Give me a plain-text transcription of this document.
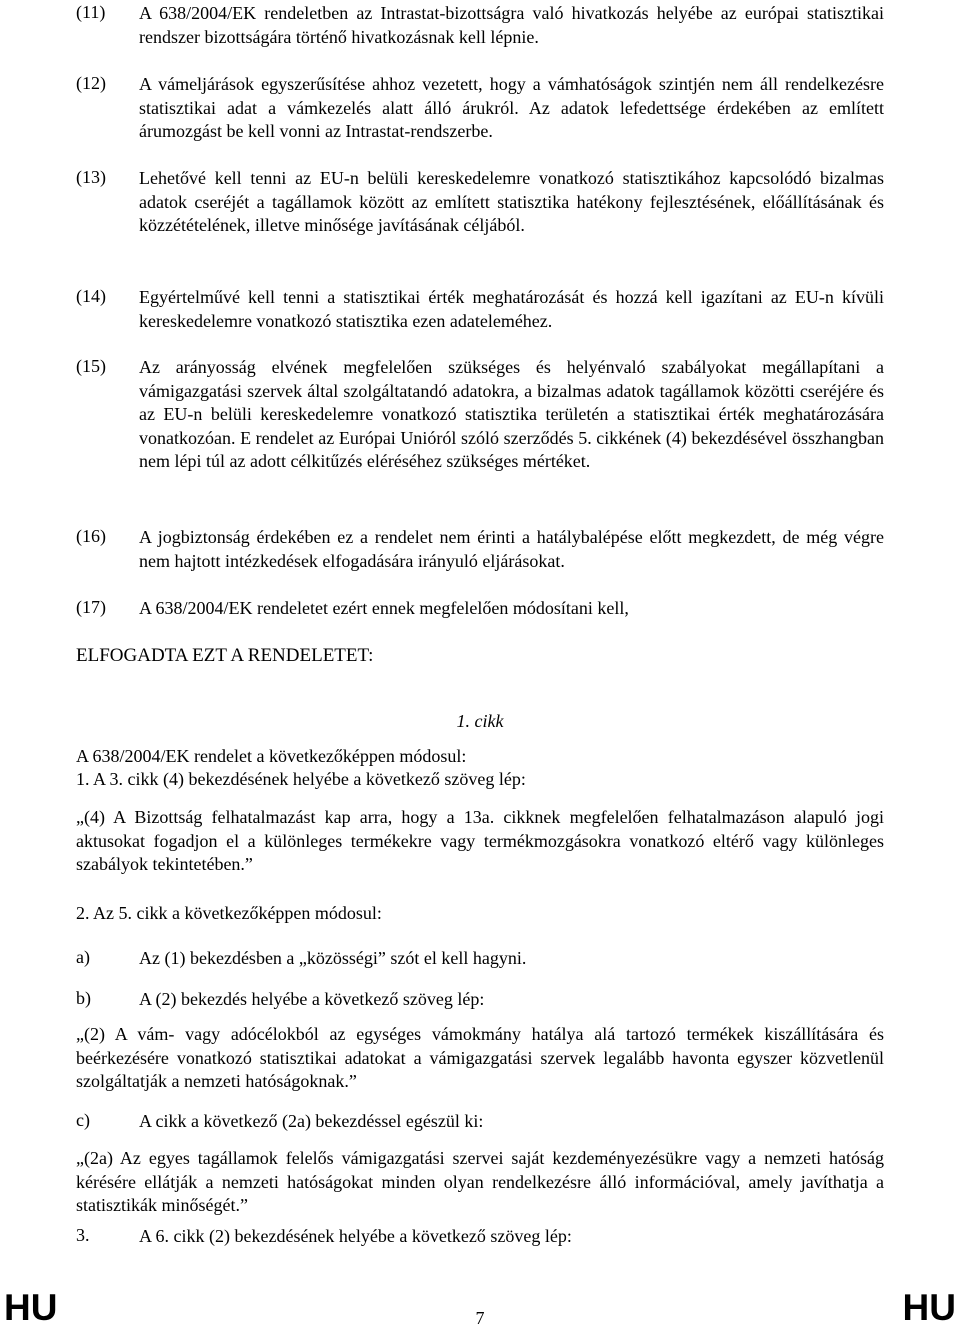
(11) A 638/2004/EK rendeletben az Intrastat-bizottságra való hivatkozás helyébe az európai statisztikai rendszer bizottságára történő hivatkozásnak kell lépnie.
(12) A vámeljárások egyszerűsítése ahhoz vezetett, hogy a vámhatóságok szintjén nem áll rendelkezésre statisztikai adat a vámkezelés alatt álló árukról. Az adatok lefedettsége érdekében az említett árumozgást be kell vonni az Intrastat-rendszerbe.
(13) Lehetővé kell tenni az EU-n belüli kereskedelemre vonatkozó statisztikához kapcsolódó bizalmas adatok cseréjét a tagállamok között az említett statisztika hatékony fejlesztésének, előállításának és közzétételének, illetve minősége javításának céljából.
(14) Egyértelművé kell tenni a statisztikai érték meghatározását és hozzá kell igazítani az EU-n kívüli kereskedelemre vonatkozó statisztika ezen adateleméhez.
(15) Az arányosság elvének megfelelően szükséges és helyénvaló szabályokat megállapítani a vámigazgatási szervek által szolgáltatandó adatokra, a bizalmas adatok tagállamok közötti cseréjére és az EU-n belüli kereskedelemre vonatkozó statisztika területén a statisztikai érték meghatározására vonatkozóan. E rendelet az Európai Unióról szóló szerződés 5. cikkének (4) bekezdésével összhangban nem lépi túl az adott célkitűzés eléréséhez szükséges mértéket.
(16) A jogbiztonság érdekében ez a rendelet nem érinti a hatálybalépése előtt megkezdett, de még végre nem hajtott intézkedések elfogadására irányuló eljárásokat.
(17) A 638/2004/EK rendeletet ezért ennek megfelelően módosítani kell,
ELFOGADTA EZT A RENDELETET:
1. cikk
A 638/2004/EK rendelet a következőképpen módosul:
1. A 3. cikk (4) bekezdésének helyébe a következő szöveg lép:
„(4) A Bizottság felhatalmazást kap arra, hogy a 13a. cikknek megfelelően felhatalmazáson alapuló jogi aktusokat fogadjon el a különleges termékekre vagy termékmozgásokra vonatkozó eltérő vagy különleges szabályok tekintetében.”
2. Az 5. cikk a következőképpen módosul:
a)	Az (1) bekezdésben a „közösségi” szót el kell hagyni.
b)	A (2) bekezdés helyébe a következő szöveg lép:
„(2) A vám- vagy adócélokból az egységes vámokmány hatálya alá tartozó termékek kiszállítására és beérkezésére vonatkozó statisztikai adatokat a vámigazgatási szervek legalább havonta egyszer közvetlenül szolgáltatják a nemzeti hatóságoknak.”
c)	A cikk a következő (2a) bekezdéssel egészül ki:
„(2a) Az egyes tagállamok felelős vámigazgatási szervei saját kezdeményezésükre vagy a nemzeti hatóság kérésére ellátják a nemzeti hatóságokat minden olyan rendelkezésre álló információval, amely javíthatja a statisztikák minőségét.”
3.	A 6. cikk (2) bekezdésének helyébe a következő szöveg lép:
HU	7	HU
